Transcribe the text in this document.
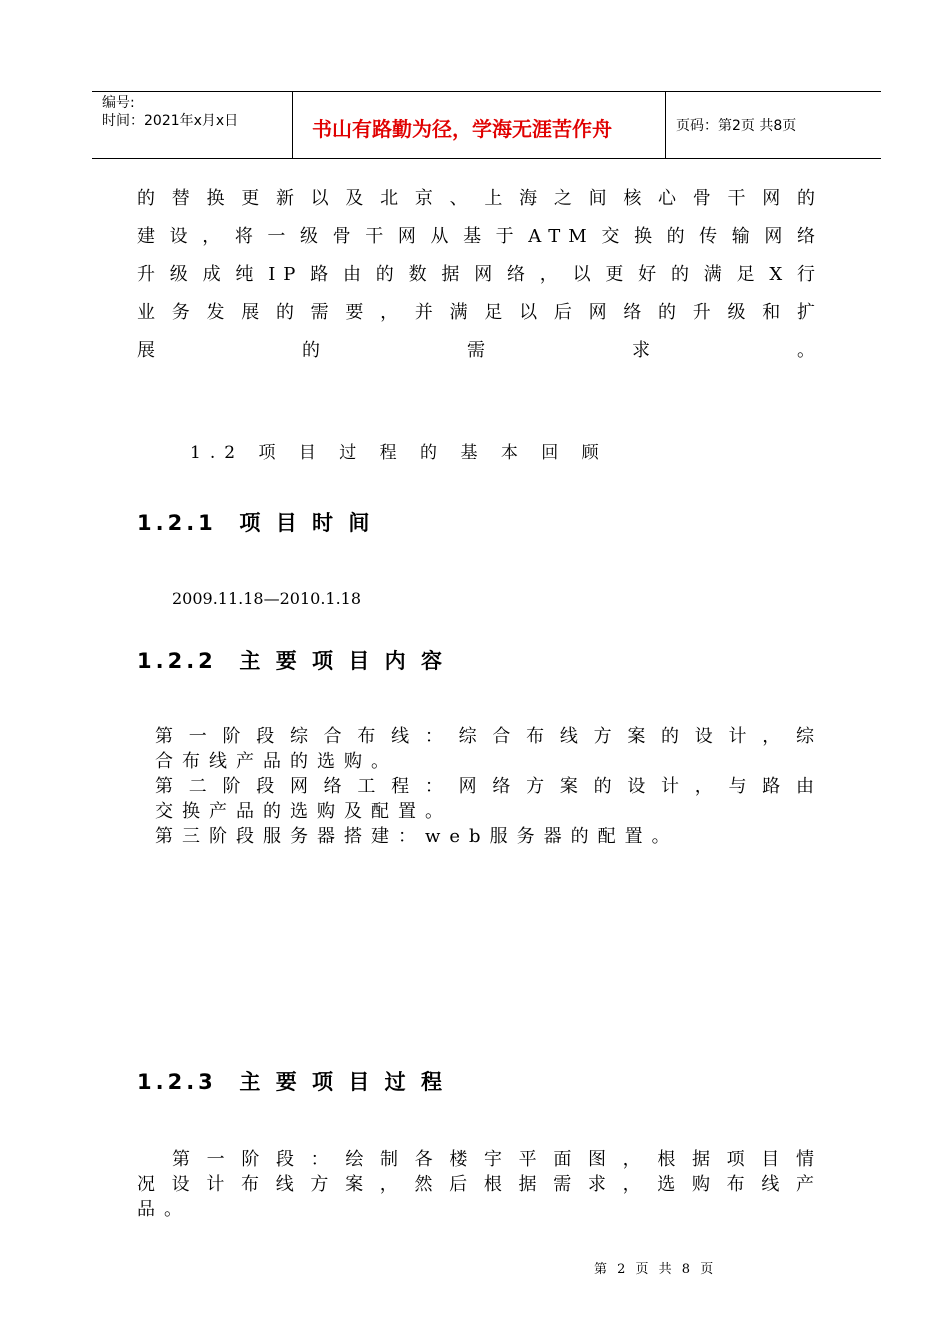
编号:
时间：2021年x月x日	书山有路勤为径，学海无涯苦作舟	页码：第2页 共8页
的替换更新以及北京、上海之间核心骨干网的
建设，将一级骨干网从基于ATM交换的传输网络
升级成纯IP路由的数据网络，以更好的满足X行
业务发展的需要，并满足以后网络的升级和扩
展的需求。
1.2 项 目 过 程 的 基 本 回 顾
1.2.1  项 目 时 间
2009.11.18—2010.1.18
1.2.2  主 要 项 目 内 容
第一阶段综合布线：综合布线方案的设计，综
合布线产品的选购。
第二阶段网络工程：网络方案的设计，与路由
交换产品的选购及配置。
第三阶段服务器搭建：web服务器的配置。
1.2.3  主 要 项 目 过 程
第一阶段：绘制各楼宇平面图，根据项目情
况设计布线方案，然后根据需求，选购布线产
品。
第 2 页 共 8 页
